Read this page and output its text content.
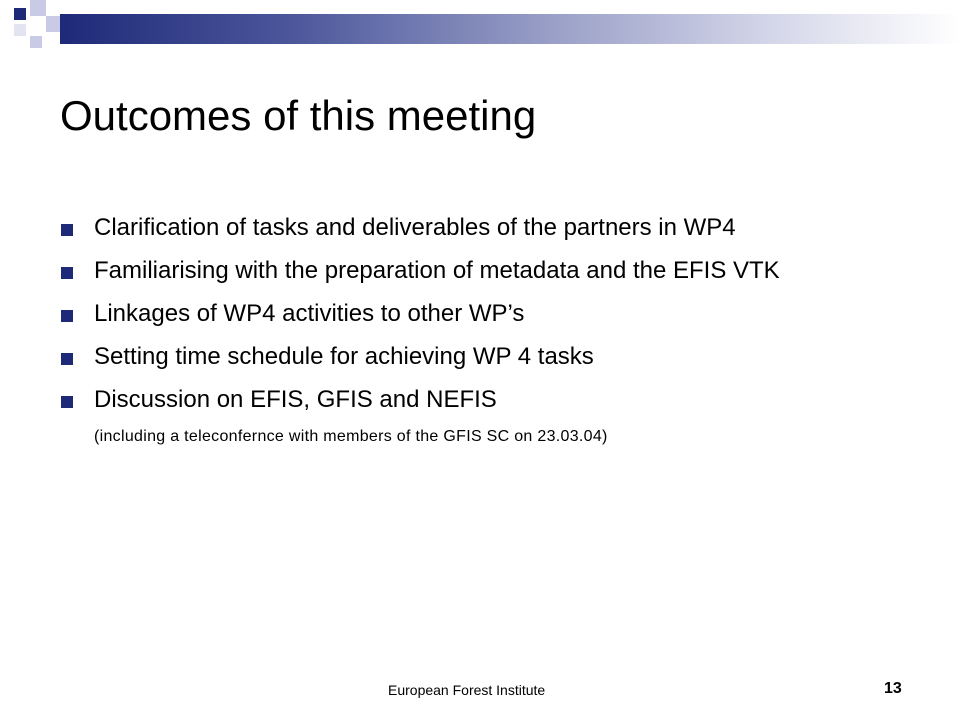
Outcomes of this meeting
Clarification of tasks and deliverables of the partners in WP4
Familiarising with the preparation of metadata and the EFIS VTK
Linkages of WP4 activities to other WP’s
Setting time schedule for achieving WP 4 tasks
Discussion on EFIS, GFIS and NEFIS
(including a teleconfernce with members of the GFIS SC on 23.03.04)
European Forest Institute	13
